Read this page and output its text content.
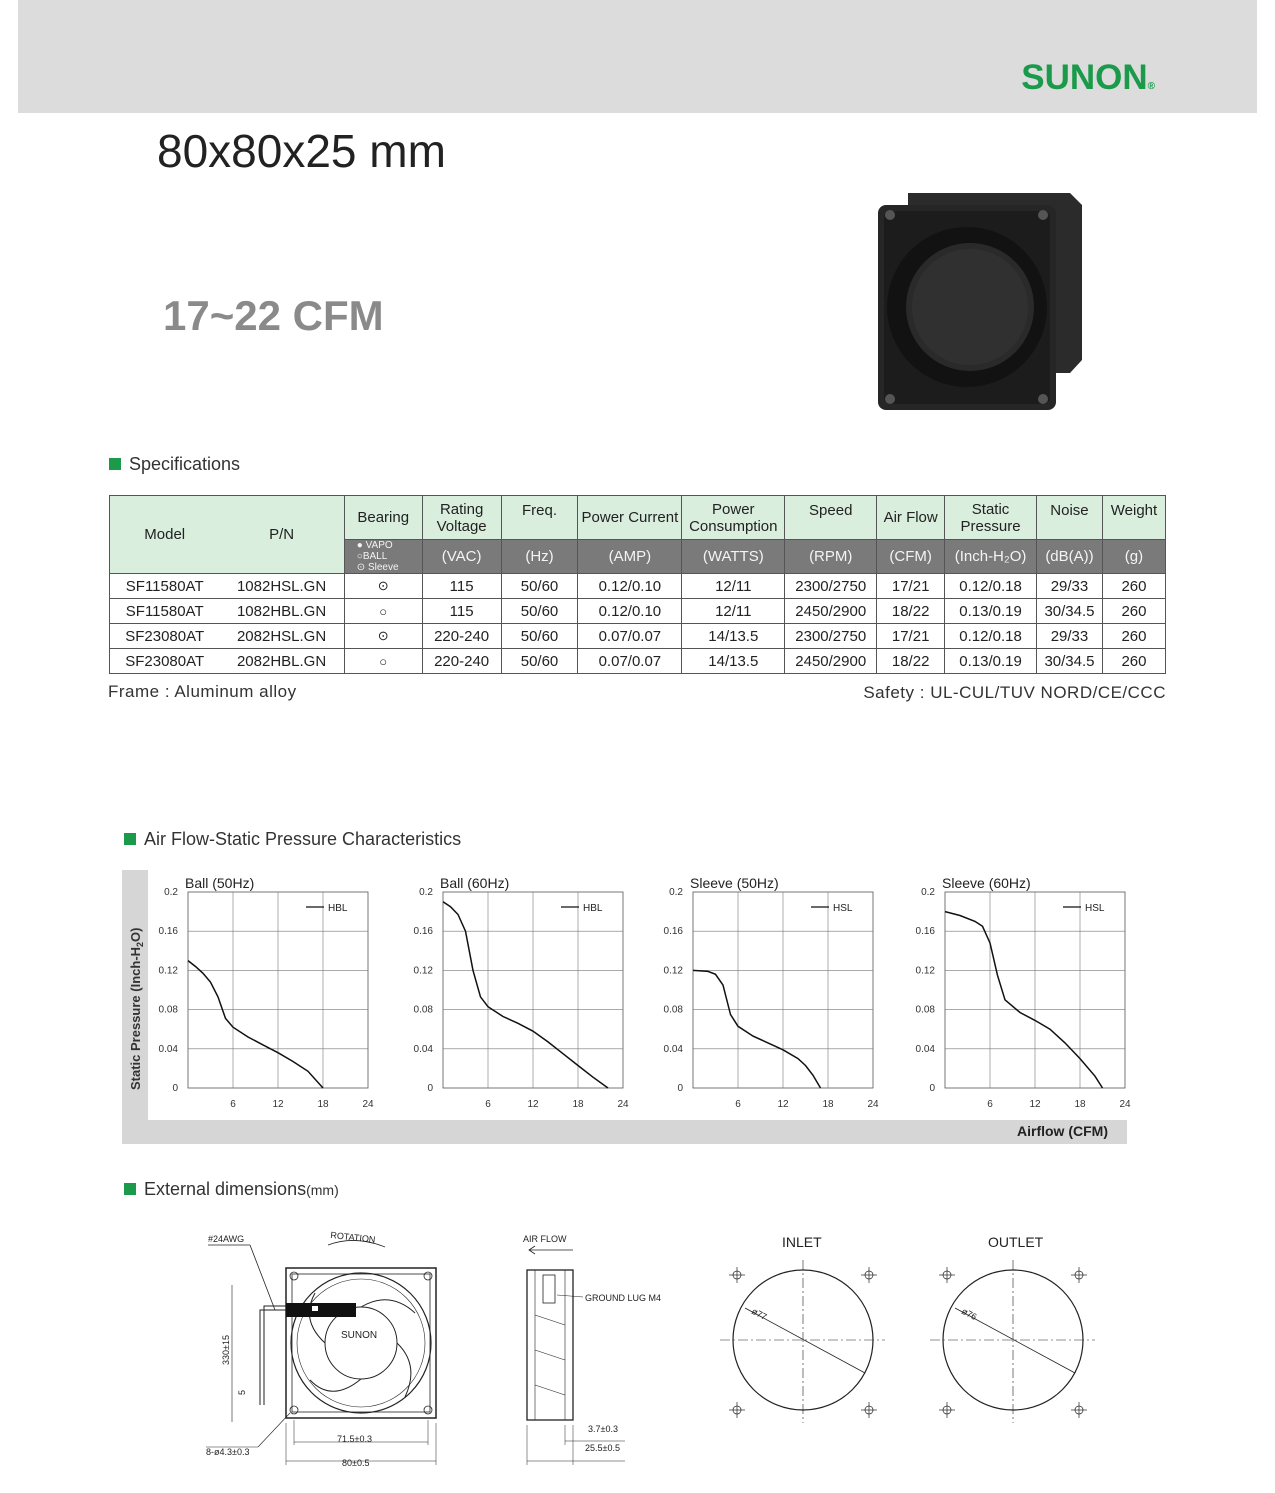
SUNON®
80x80x25 mm
17~22 CFM
Specifications
Model	P/N	Bearing	Rating Voltage	Freq.	Power Current	Power Consumption	Speed	Air Flow	Static Pressure	Noise	Weight

		● VAPO
○BALL
⊙ Sleeve	(VAC)	(Hz)	(AMP)	(WATTS)	(RPM)	(CFM)	(Inch-H₂O)	(dB(A))	(g)
SF11580AT	1082HSL.GN	⊙	115	50/60	0.12/0.10	12/11	2300/2750	17/21	0.12/0.18	29/33	260
SF11580AT	1082HBL.GN	○	115	50/60	0.12/0.10	12/11	2450/2900	18/22	0.13/0.19	30/34.5	260
SF23080AT	2082HSL.GN	⊙	220-240	50/60	0.07/0.07	14/13.5	2300/2750	17/21	0.12/0.18	29/33	260
SF23080AT	2082HBL.GN	○	220-240	50/60	0.07/0.07	14/13.5	2450/2900	18/22	0.13/0.19	30/34.5	260
Frame : Aluminum alloy	Safety : UL-CUL/TUV NORD/CE/CCC
Air Flow-Static Pressure Characteristics
Static Pressure $(Inch-H_2O)$
Airflow (CFM)
Ball (50Hz)
0
0.04
0.08
0.12
0.16
0.2
6	12	18	24
HBL
Ball (60Hz)
0
0.04
0.08
0.12
0.16
0.2
6	12	18	24
HBL
Sleeve (50Hz)
0
0.04
0.08
0.12
0.16
0.2
6	12	18	24
HSL
Sleeve (60Hz)
0
0.04
0.08
0.12
0.16
0.2
6	12	18	24
HSL
External dimensions(mm)
#24AWG	ROTATION
SUNON
330±15
5
71.5±0.3
80±0.5
8-ø4.3±0.3
AIR FLOW
GROUND LUG M4
3.7±0.3
25.5±0.5
INLET
ø77
OUTLET
ø76
